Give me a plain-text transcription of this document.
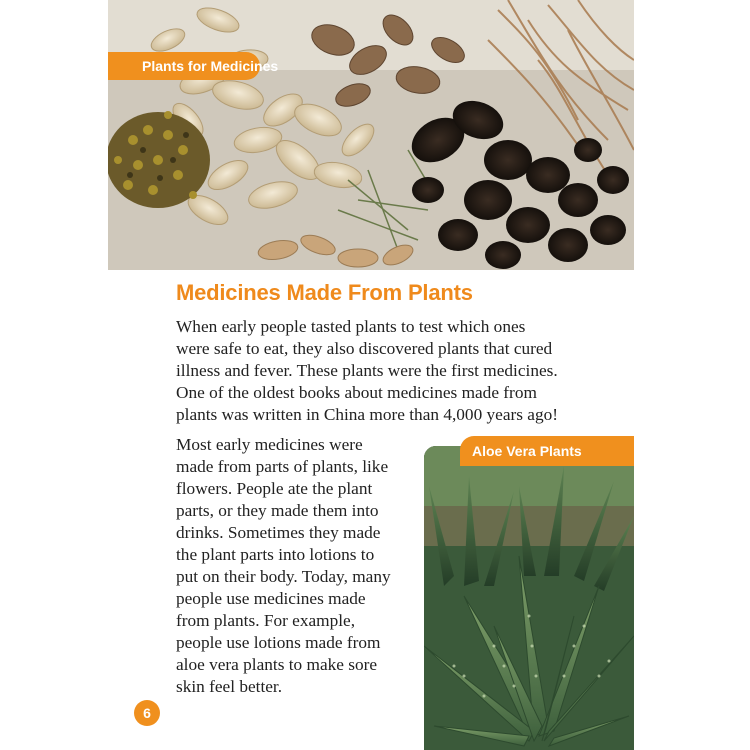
Plants for Medicines
Medicines Made From Plants
When early people tasted plants to test which ones
were safe to eat, they also discovered plants that cured
illness and fever. These plants were the first medicines.
One of the oldest books about medicines made from
plants was written in China more than 4,000 years ago!
Most early medicines were
made from parts of plants, like
flowers. People ate the plant
parts, or they made them into
drinks. Sometimes they made
the plant parts into lotions to
put on their body. Today, many
people use medicines made
from plants. For example,
people use lotions made from
aloe vera plants to make sore
skin feel better.
Aloe Vera Plants
6
